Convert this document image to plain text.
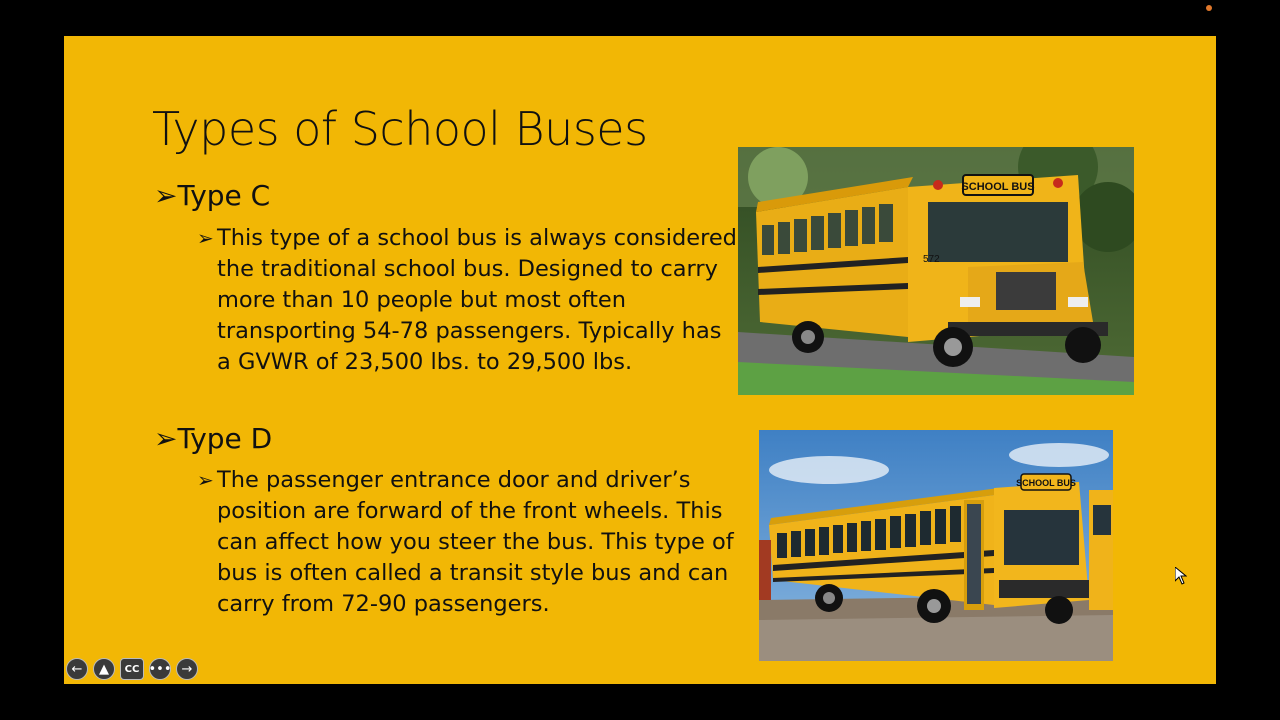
Types of School Buses
➢Type C
➢ This type of a school bus is always considered the traditional school bus. Designed to carry more than 10 people but most often transporting 54-78 passengers. Typically has a GVWR of 23,500 lbs. to 29,500 lbs.
➢Type D
➢ The passenger entrance door and driver’s position are forward of the front wheels. This can affect how you steer the bus. This type of bus is often called a transit style bus and can carry from 72-90 passengers.
SCHOOL BUS
572
SCHOOL BUS
←	▲	CC ••• →
